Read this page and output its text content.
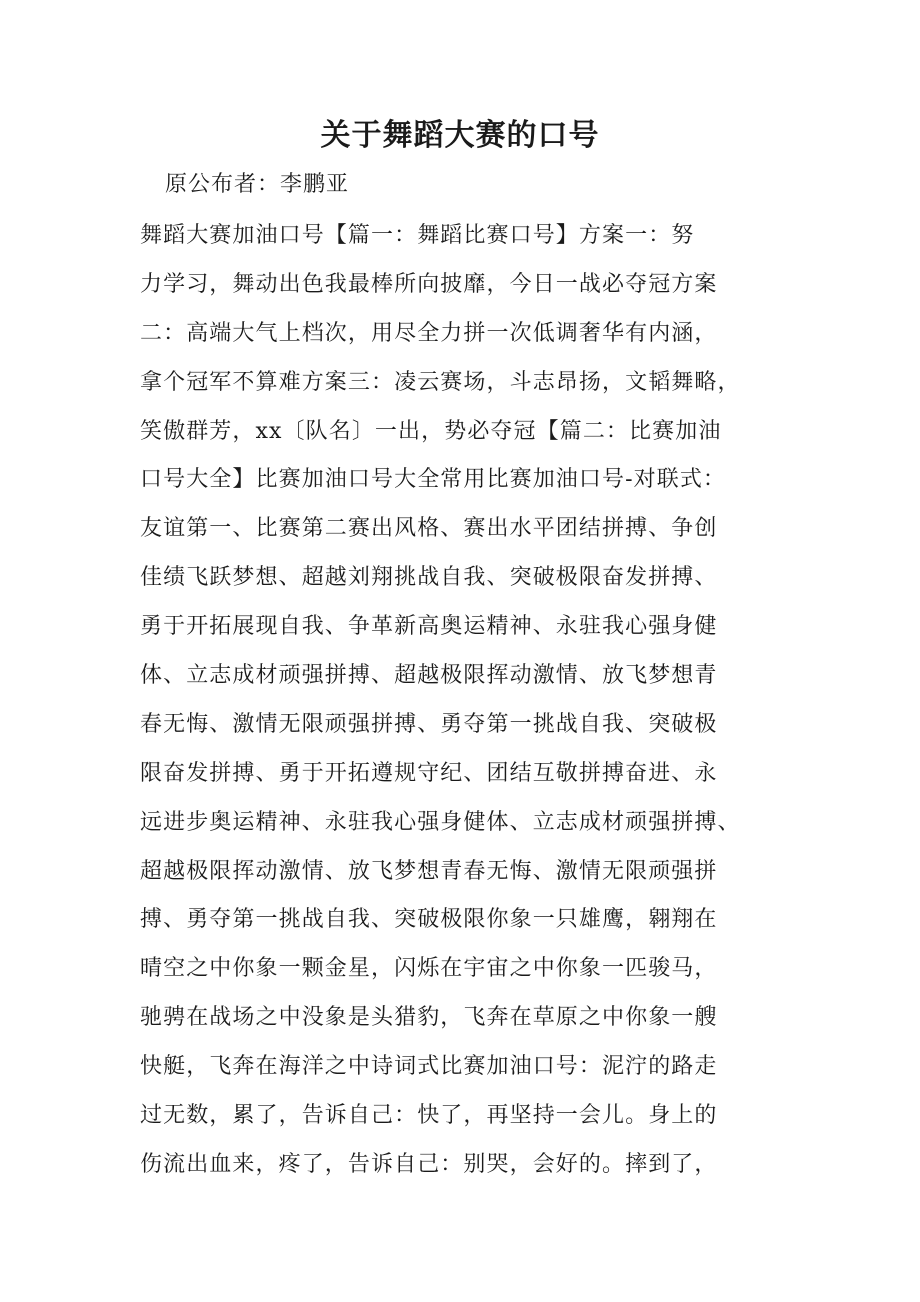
关于舞蹈大赛的口号
原公布者：李鹏亚
舞蹈大赛加油口号【篇一：舞蹈比赛口号】方案一：努
力学习，舞动出色我最棒所向披靡，今日一战必夺冠方案
二：高端大气上档次，用尽全力拼一次低调奢华有内涵，
拿个冠军不算难方案三：凌云赛场，斗志昂扬，文韬舞略，
笑傲群芳，xx〔队名〕一出，势必夺冠【篇二：比赛加油
口号大全】比赛加油口号大全常用比赛加油口号-对联式：
友谊第一、比赛第二赛出风格、赛出水平团结拼搏、争创
佳绩飞跃梦想、超越刘翔挑战自我、突破极限奋发拼搏、
勇于开拓展现自我、争革新高奥运精神、永驻我心强身健
体、立志成材顽强拼搏、超越极限挥动激情、放飞梦想青
春无悔、激情无限顽强拼搏、勇夺第一挑战自我、突破极
限奋发拼搏、勇于开拓遵规守纪、团结互敬拼搏奋进、永
远进步奥运精神、永驻我心强身健体、立志成材顽强拼搏、
超越极限挥动激情、放飞梦想青春无悔、激情无限顽强拼
搏、勇夺第一挑战自我、突破极限你象一只雄鹰，翱翔在
晴空之中你象一颗金星，闪烁在宇宙之中你象一匹骏马，
驰骋在战场之中没象是头猎豹，飞奔在草原之中你象一艘
快艇，飞奔在海洋之中诗词式比赛加油口号：泥泞的路走
过无数，累了，告诉自己：快了，再坚持一会儿。身上的
伤流出血来，疼了，告诉自己：别哭，会好的。摔到了，
